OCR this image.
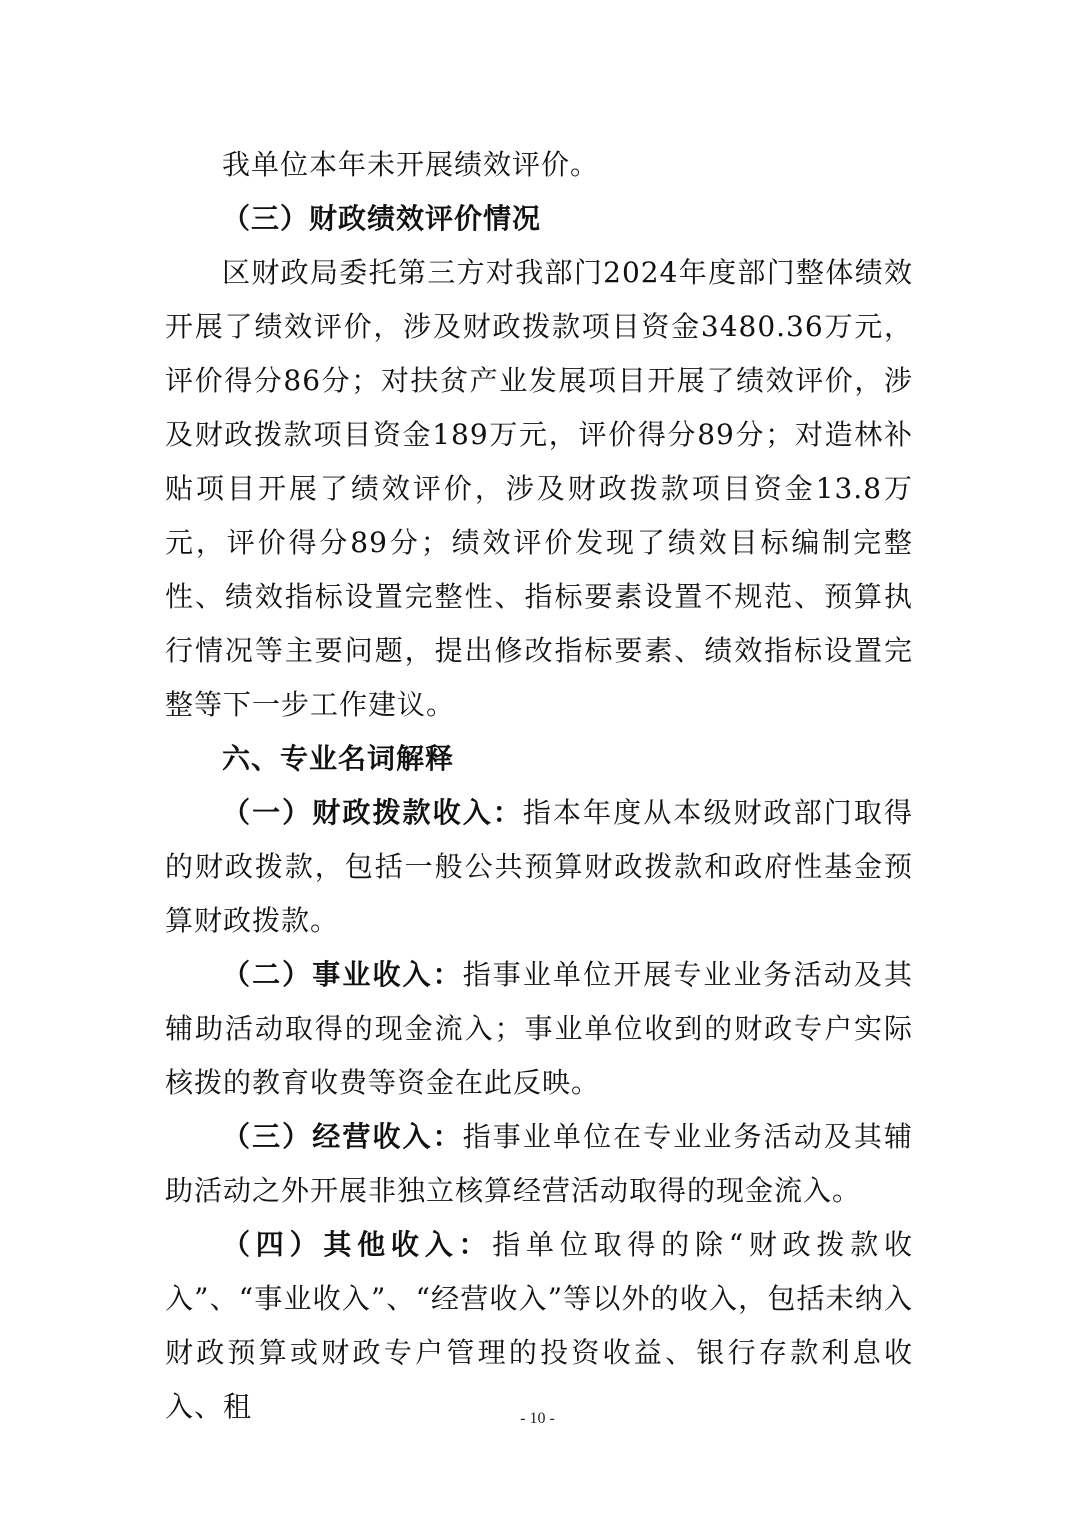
我单位本年未开展绩效评价。

（三）财政绩效评价情况

区财政局委托第三方对我部门2024年度部门整体绩效开展了绩效评价，涉及财政拨款项目资金3480.36万元，评价得分86分；对扶贫产业发展项目开展了绩效评价，涉及财政拨款项目资金189万元，评价得分89分；对造林补贴项目开展了绩效评价，涉及财政拨款项目资金13.8万元，评价得分89分；绩效评价发现了绩效目标编制完整性、绩效指标设置完整性、指标要素设置不规范、预算执行情况等主要问题，提出修改指标要素、绩效指标设置完整等下一步工作建议。

六、专业名词解释

（一）财政拨款收入：指本年度从本级财政部门取得的财政拨款，包括一般公共预算财政拨款和政府性基金预算财政拨款。

（二）事业收入：指事业单位开展专业业务活动及其辅助活动取得的现金流入；事业单位收到的财政专户实际核拨的教育收费等资金在此反映。

（三）经营收入：指事业单位在专业业务活动及其辅助活动之外开展非独立核算经营活动取得的现金流入。

（四）其他收入：指单位取得的除“财政拨款收入”、“事业收入”、“经营收入”等以外的收入，包括未纳入财政预算或财政专户管理的投资收益、银行存款利息收入、租	- 10 -
